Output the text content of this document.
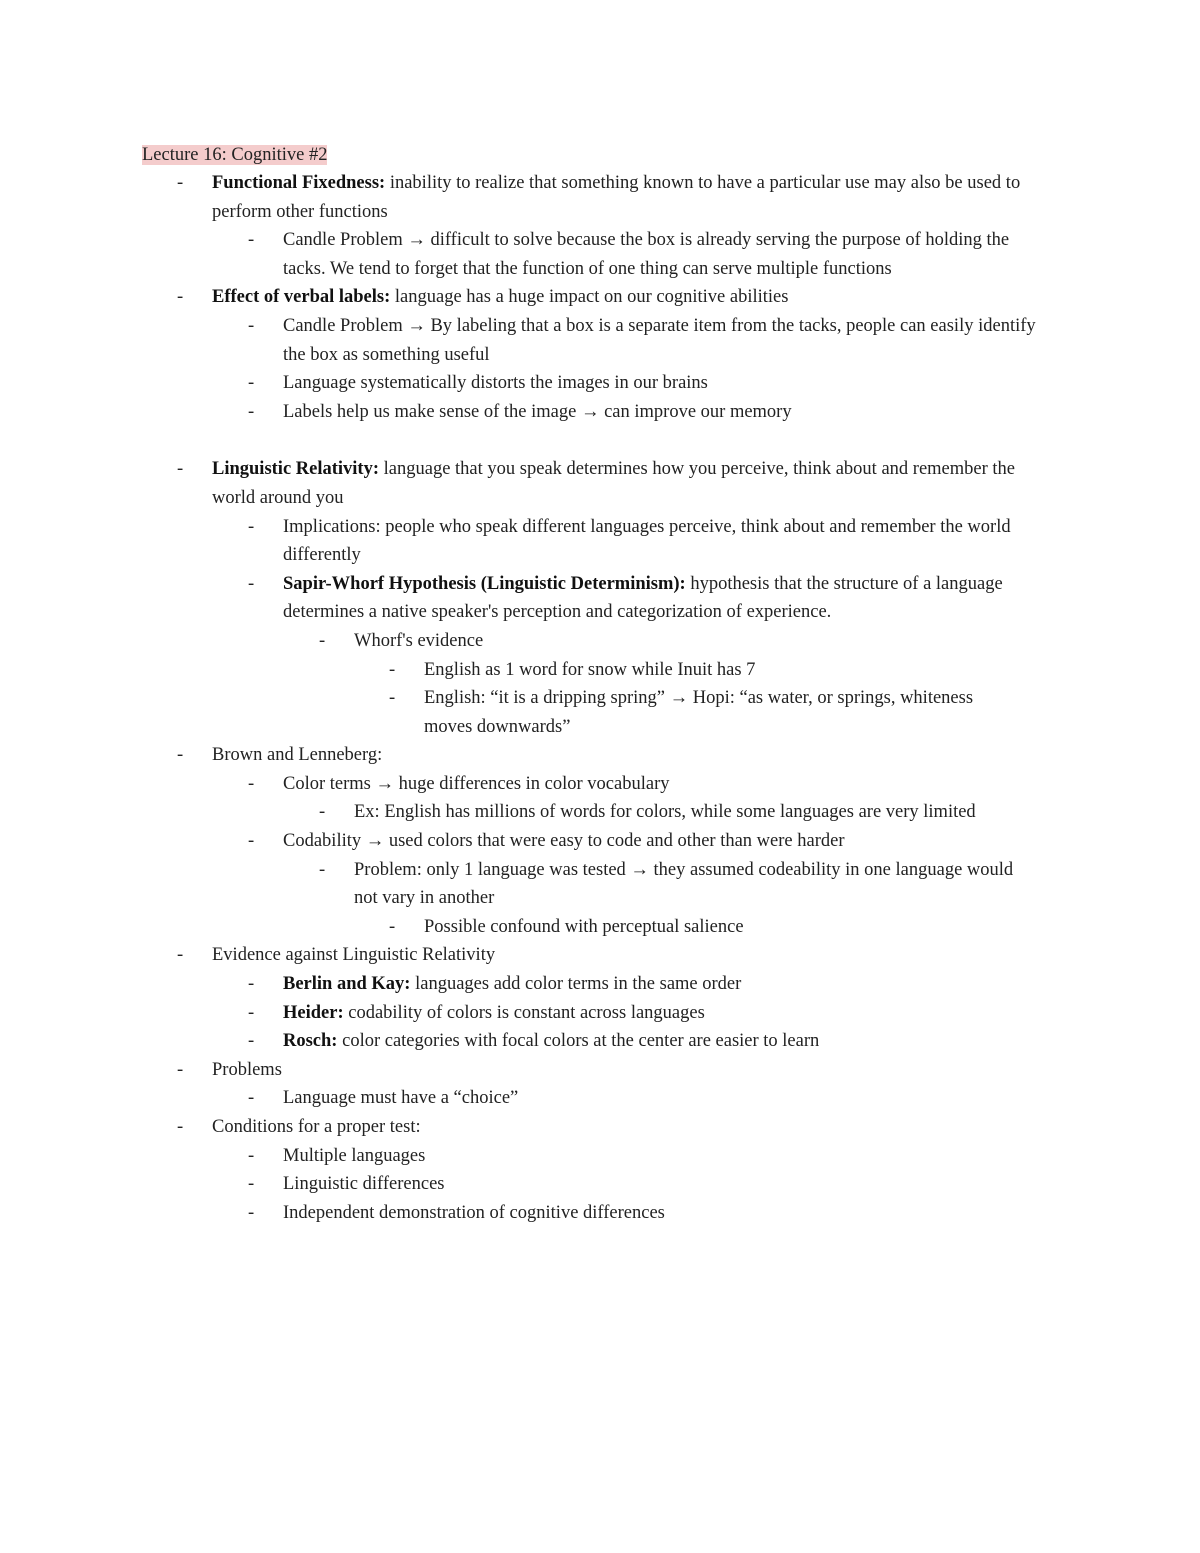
Lecture 16: Cognitive #2
- Functional Fixedness: inability to realize that something known to have a particular use may also be used to perform other functions
- Candle Problem → difficult to solve because the box is already serving the purpose of holding the tacks. We tend to forget that the function of one thing can serve multiple functions
- Effect of verbal labels: language has a huge impact on our cognitive abilities
- Candle Problem → By labeling that a box is a separate item from the tacks, people can easily identify the box as something useful
- Language systematically distorts the images in our brains
- Labels help us make sense of the image → can improve our memory
- Linguistic Relativity: language that you speak determines how you perceive, think about and remember the world around you
- Implications: people who speak different languages perceive, think about and remember the world differently
- Sapir-Whorf Hypothesis (Linguistic Determinism): hypothesis that the structure of a language determines a native speaker's perception and categorization of experience.
- Whorf's evidence
- English as 1 word for snow while Inuit has 7
- English: “it is a dripping spring” → Hopi: “as water, or springs, whiteness moves downwards”
- Brown and Lenneberg:
- Color terms → huge differences in color vocabulary
- Ex: English has millions of words for colors, while some languages are very limited
- Codability → used colors that were easy to code and other than were harder
- Problem: only 1 language was tested → they assumed codeability in one language would not vary in another
- Possible confound with perceptual salience
- Evidence against Linguistic Relativity
- Berlin and Kay: languages add color terms in the same order
- Heider: codability of colors is constant across languages
- Rosch: color categories with focal colors at the center are easier to learn
- Problems
- Language must have a “choice”
- Conditions for a proper test:
- Multiple languages
- Linguistic differences
- Independent demonstration of cognitive differences
